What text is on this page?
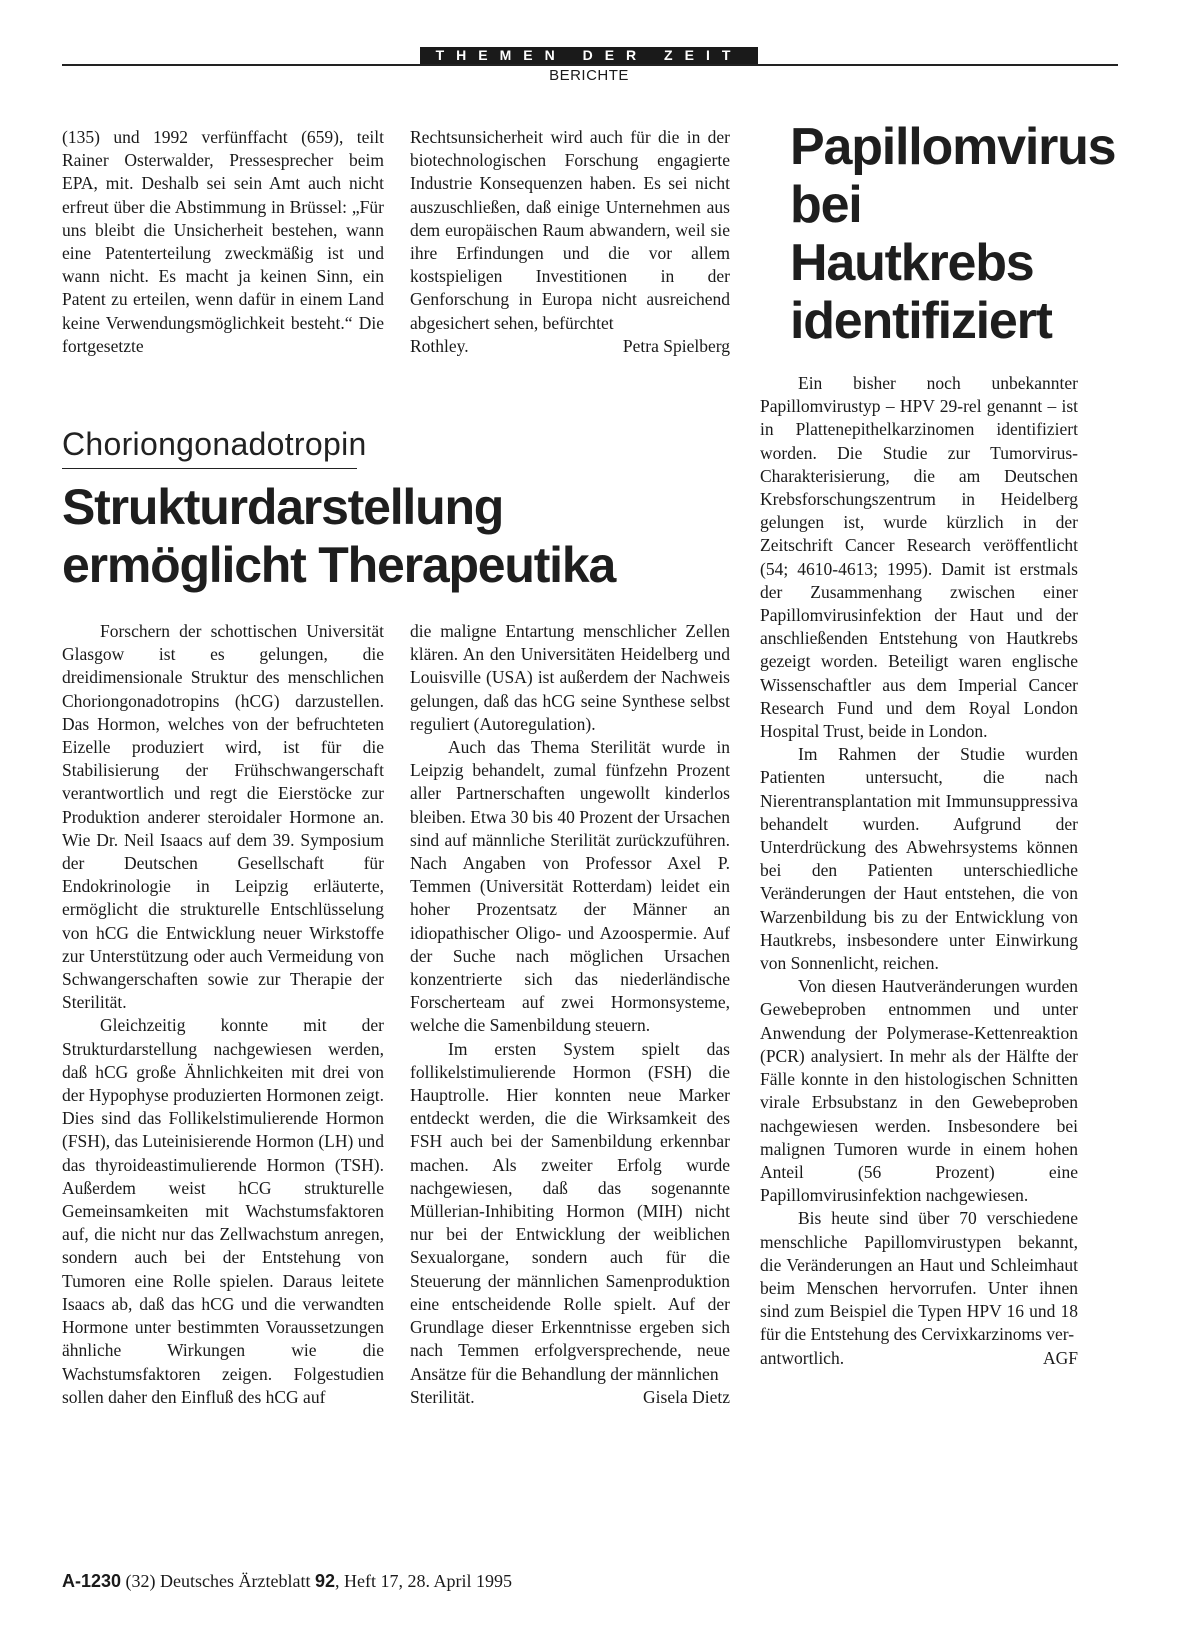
THEMEN DER ZEIT
BERICHTE

(135) und 1992 verfünffacht (659), teilt Rainer Osterwalder, Pressesprecher beim EPA, mit. Deshalb sei sein Amt auch nicht erfreut über die Abstimmung in Brüssel: „Für uns bleibt die Unsicherheit bestehen, wann eine Patenterteilung zweckmäßig ist und wann nicht. Es macht ja keinen Sinn, ein Patent zu erteilen, wenn dafür in einem Land keine Verwendungsmöglichkeit besteht.“ Die fortgesetzte

Rechtsunsicherheit wird auch für die in der biotechnologischen Forschung engagierte Industrie Konsequenzen haben. Es sei nicht auszuschließen, daß einige Unternehmen aus dem europäischen Raum abwandern, weil sie ihre Erfindungen und die vor allem kostspieligen Investitionen in der Genforschung in Europa nicht ausreichend abgesichert sehen, befürchtet

Rothley.	Petra Spielberg
Choriongonadotropin
Strukturdarstellung
ermöglicht Therapeutika

Forschern der schottischen Universität Glasgow ist es gelungen, die dreidimensionale Struktur des menschlichen Choriongonadotropins (hCG) darzustellen. Das Hormon, welches von der befruchteten Eizelle produziert wird, ist für die Stabilisierung der Frühschwangerschaft verantwortlich und regt die Eierstöcke zur Produktion anderer steroidaler Hormone an. Wie Dr. Neil Isaacs auf dem 39. Symposium der Deutschen Gesellschaft für Endokrinologie in Leipzig erläuterte, ermöglicht die strukturelle Entschlüsselung von hCG die Entwicklung neuer Wirkstoffe zur Unterstützung oder auch Vermeidung von Schwangerschaften sowie zur Therapie der Sterilität.

Gleichzeitig konnte mit der Strukturdarstellung nachgewiesen werden, daß hCG große Ähnlichkeiten mit drei von der Hypophyse produzierten Hormonen zeigt. Dies sind das Follikelstimulierende Hormon (FSH), das Luteinisierende Hormon (LH) und das thyroideastimulierende Hormon (TSH). Außerdem weist hCG strukturelle Gemeinsamkeiten mit Wachstumsfaktoren auf, die nicht nur das Zellwachstum anregen, sondern auch bei der Entstehung von Tumoren eine Rolle spielen. Daraus leitete Isaacs ab, daß das hCG und die verwandten Hormone unter bestimmten Voraussetzungen ähnliche Wirkungen wie die Wachstumsfaktoren zeigen. Folgestudien sollen daher den Einfluß des hCG auf

die maligne Entartung menschlicher Zellen klären. An den Universitäten Heidelberg und Louisville (USA) ist außerdem der Nachweis gelungen, daß das hCG seine Synthese selbst reguliert (Autoregulation).

Auch das Thema Sterilität wurde in Leipzig behandelt, zumal fünfzehn Prozent aller Partnerschaften ungewollt kinderlos bleiben. Etwa 30 bis 40 Prozent der Ursachen sind auf männliche Sterilität zurückzuführen. Nach Angaben von Professor Axel P. Temmen (Universität Rotterdam) leidet ein hoher Prozentsatz der Männer an idiopathischer Oligo- und Azoospermie. Auf der Suche nach möglichen Ursachen konzentrierte sich das niederländische Forscherteam auf zwei Hormonsysteme, welche die Samenbildung steuern.

Im ersten System spielt das follikelstimulierende Hormon (FSH) die Hauptrolle. Hier konnten neue Marker entdeckt werden, die die Wirksamkeit des FSH auch bei der Samenbildung erkennbar machen. Als zweiter Erfolg wurde nachgewiesen, daß das sogenannte Müllerian-Inhibiting Hormon (MIH) nicht nur bei der Entwicklung der weiblichen Sexualorgane, sondern auch für die Steuerung der männlichen Samenproduktion eine entscheidende Rolle spielt. Auf der Grundlage dieser Erkenntnisse ergeben sich nach Temmen erfolgversprechende, neue Ansätze für die Behandlung der männlichen

Sterilität.	Gisela Dietz
Papillomvirus
bei
Hautkrebs
identifiziert

Ein bisher noch unbekannter Papillomvirustyp – HPV 29-rel genannt – ist in Plattenepithelkarzinomen identifiziert worden. Die Studie zur Tumorvirus-Charakterisierung, die am Deutschen Krebsforschungszentrum in Heidelberg gelungen ist, wurde kürzlich in der Zeitschrift Cancer Research veröffentlicht (54; 4610-4613; 1995). Damit ist erstmals der Zusammenhang zwischen einer Papillomvirusinfektion der Haut und der anschließenden Entstehung von Hautkrebs gezeigt worden. Beteiligt waren englische Wissenschaftler aus dem Imperial Cancer Research Fund und dem Royal London Hospital Trust, beide in London.

Im Rahmen der Studie wurden Patienten untersucht, die nach Nierentransplantation mit Immunsuppressiva behandelt wurden. Aufgrund der Unterdrückung des Abwehrsystems können bei den Patienten unterschiedliche Veränderungen der Haut entstehen, die von Warzenbildung bis zu der Entwicklung von Hautkrebs, insbesondere unter Einwirkung von Sonnenlicht, reichen.

Von diesen Hautveränderungen wurden Gewebeproben entnommen und unter Anwendung der Polymerase-Kettenreaktion (PCR) analysiert. In mehr als der Hälfte der Fälle konnte in den histologischen Schnitten virale Erbsubstanz in den Gewebeproben nachgewiesen werden. Insbesondere bei malignen Tumoren wurde in einem hohen Anteil (56 Prozent) eine Papillomvirusinfektion nachgewiesen.

Bis heute sind über 70 verschiedene menschliche Papillomvirustypen bekannt, die Veränderungen an Haut und Schleimhaut beim Menschen hervorrufen. Unter ihnen sind zum Beispiel die Typen HPV 16 und 18 für die Entstehung des Cervixkarzinoms ver-

antwortlich.	AGF
A-1230 (32) Deutsches Ärzteblatt 92, Heft 17, 28. April 1995
